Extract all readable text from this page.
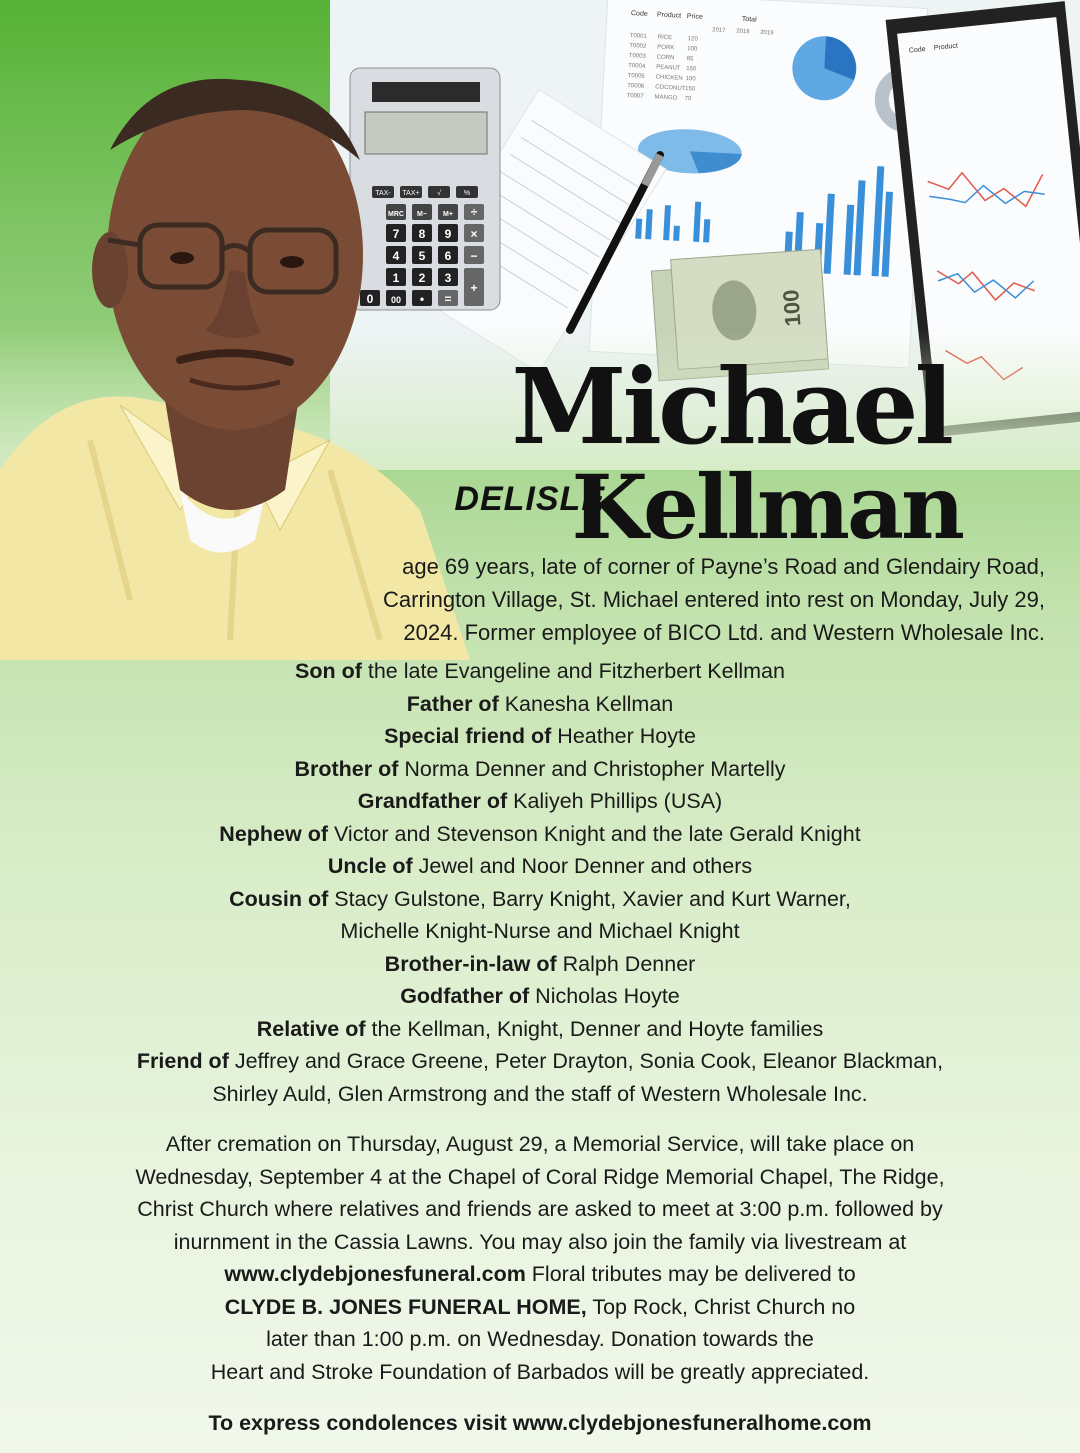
Michael
DELISLE
Kellman
age 69 years, late of corner of Payne’s Road and Glendairy Road,
Carrington Village, St. Michael entered into rest on Monday, July 29,
2024. Former employee of BICO Ltd. and Western Wholesale Inc.
Son of the late Evangeline and Fitzherbert Kellman
Father of Kanesha Kellman
Special friend of Heather Hoyte
Brother of Norma Denner and Christopher Martelly
Grandfather of Kaliyeh Phillips (USA)
Nephew of Victor and Stevenson Knight and the late Gerald Knight
Uncle of Jewel and Noor Denner and others
Cousin of Stacy Gulstone, Barry Knight, Xavier and Kurt Warner,
Michelle Knight-Nurse and Michael Knight
Brother-in-law of Ralph Denner
Godfather of Nicholas Hoyte
Relative of the Kellman, Knight, Denner and Hoyte families
Friend of Jeffrey and Grace Greene, Peter Drayton, Sonia Cook, Eleanor Blackman,
Shirley Auld, Glen Armstrong and the staff of Western Wholesale Inc.
After cremation on Thursday, August 29, a Memorial Service, will take place on
Wednesday, September 4 at the Chapel of Coral Ridge Memorial Chapel, The Ridge,
Christ Church where relatives and friends are asked to meet at 3:00 p.m. followed by
inurnment in the Cassia Lawns. You may also join the family via livestream at
www.clydebjonesfuneral.com Floral tributes may be delivered to
CLYDE B. JONES FUNERAL HOME, Top Rock, Christ Church no
later than 1:00 p.m. on Wednesday. Donation towards the
Heart and Stroke Foundation of Barbados will be greatly appreciated.
To express condolences visit www.clydebjonesfuneralhome.com
